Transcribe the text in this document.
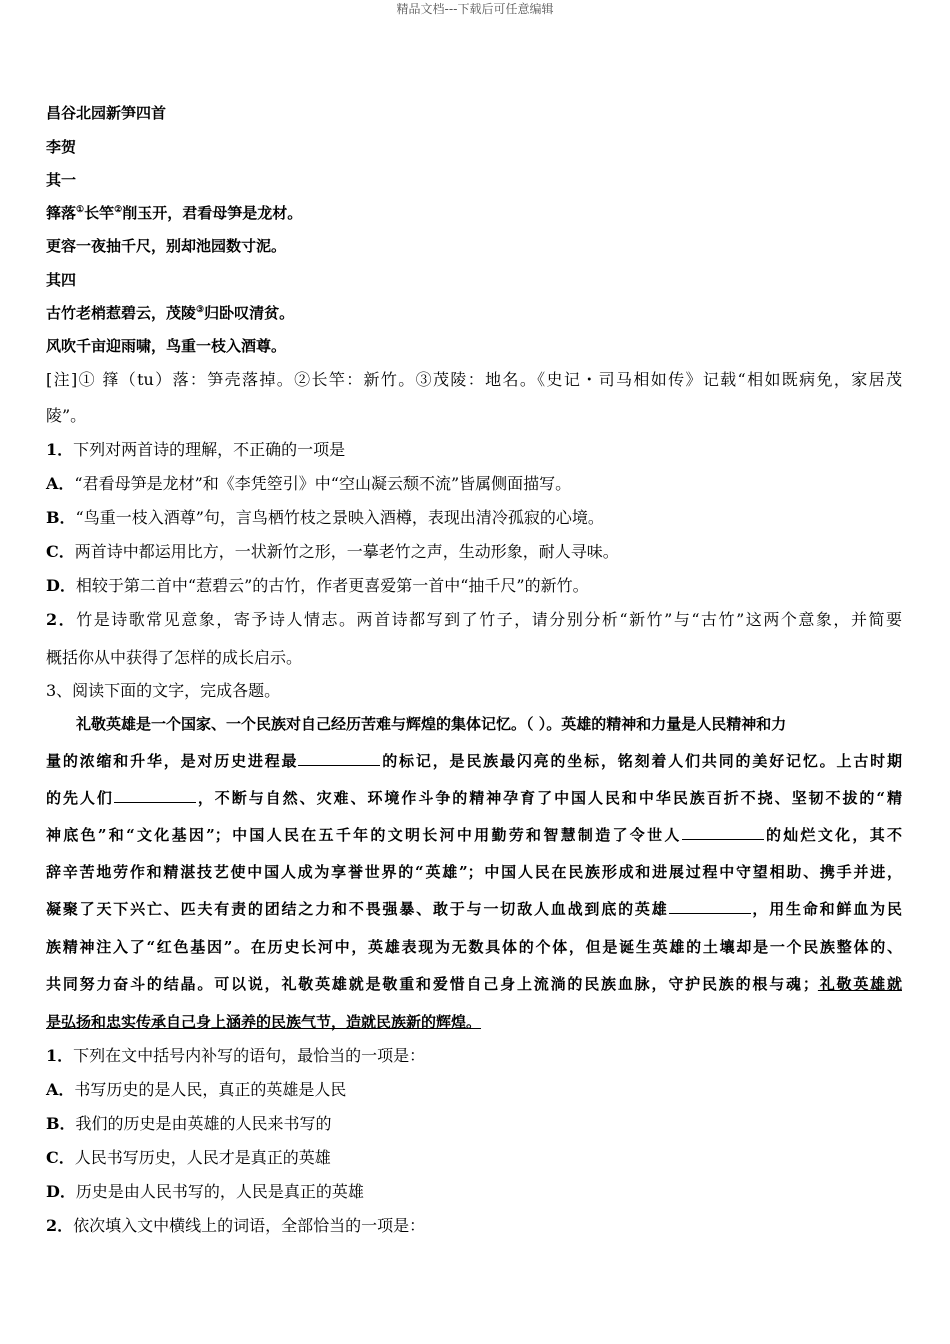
精品文档---下载后可任意编辑
昌谷北园新笋四首
李贺
其一
箨落①长竿②削玉开，君看母笋是龙材。
更容一夜抽千尺，别却池园数寸泥。
其四
古竹老梢惹碧云，茂陵③归卧叹清贫。
风吹千亩迎雨啸，鸟重一枝入酒尊。
[注]① 箨（tu）落：笋壳落掉。②长竿：新竹。③茂陵：地名。《史记・司马相如传》记载“相如既病免，家居茂
陵”。
1．下列对两首诗的理解，不正确的一项是
A．“君看母笋是龙材”和《李凭箜引》中“空山凝云颓不流”皆属侧面描写。
B．“鸟重一枝入酒尊”句，言鸟栖竹枝之景映入酒樽，表现出清冷孤寂的心境。
C．两首诗中都运用比方，一状新竹之形，一摹老竹之声，生动形象，耐人寻味。
D．相较于第二首中“惹碧云”的古竹，作者更喜爱第一首中“抽千尺”的新竹。
2．竹是诗歌常见意象，寄予诗人情志。两首诗都写到了竹子，请分别分析“新竹”与“古竹”这两个意象，并简要
概括你从中获得了怎样的成长启示。
3、阅读下面的文字，完成各题。
礼敬英雄是一个国家、一个民族对自己经历苦难与辉煌的集体记忆。（ ）。英雄的精神和力量是人民精神和力
量的浓缩和升华，是对历史进程最	的标记，是民族最闪亮的坐标，铭刻着人们共同的美好记忆。上古时期
的先人们	，不断与自然、灾难、环境作斗争的精神孕育了中国人民和中华民族百折不挠、坚韧不拔的“精
神底色”和“文化基因”；中国人民在五千年的文明长河中用勤劳和智慧制造了令世人	的灿烂文化，其不
辞辛苦地劳作和精湛技艺使中国人成为享誉世界的“英雄”；中国人民在民族形成和进展过程中守望相助、携手并进，
凝聚了天下兴亡、匹夫有责的团结之力和不畏强暴、敢于与一切敌人血战到底的英雄	，用生命和鲜血为民
族精神注入了“红色基因”。在历史长河中，英雄表现为无数具体的个体，但是诞生英雄的土壤却是一个民族整体的、
共同努力奋斗的结晶。可以说，礼敬英雄就是敬重和爱惜自己身上流淌的民族血脉，守护民族的根与魂；礼敬英雄就
是弘扬和忠实传承自己身上涵养的民族气节，造就民族新的辉煌。
1．下列在文中括号内补写的语句，最恰当的一项是：
A．书写历史的是人民，真正的英雄是人民
B．我们的历史是由英雄的人民来书写的
C．人民书写历史，人民才是真正的英雄
D．历史是由人民书写的，人民是真正的英雄
2．依次填入文中横线上的词语，全部恰当的一项是：
